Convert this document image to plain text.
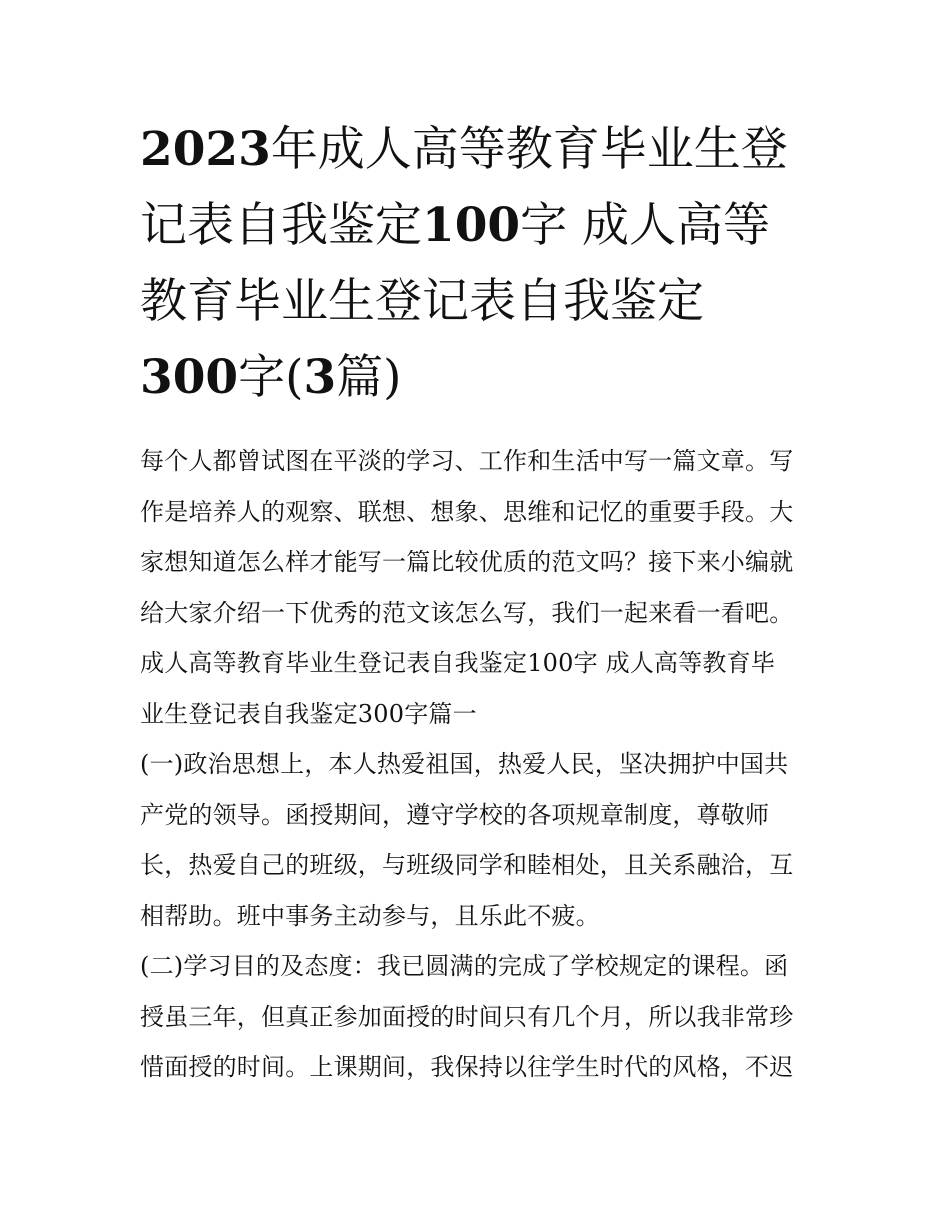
2023年成人高等教育毕业生登
记表自我鉴定100字 成人高等
教育毕业生登记表自我鉴定
300字(3篇)
每个人都曾试图在平淡的学习、工作和生活中写一篇文章。写
作是培养人的观察、联想、想象、思维和记忆的重要手段。大
家想知道怎么样才能写一篇比较优质的范文吗？接下来小编就
给大家介绍一下优秀的范文该怎么写，我们一起来看一看吧。
成人高等教育毕业生登记表自我鉴定100字 成人高等教育毕
业生登记表自我鉴定300字篇一
(一)政治思想上，本人热爱祖国，热爱人民，坚决拥护中国共
产党的领导。函授期间，遵守学校的各项规章制度，尊敬师
长，热爱自己的班级，与班级同学和睦相处，且关系融洽，互
相帮助。班中事务主动参与，且乐此不疲。
(二)学习目的及态度：我已圆满的完成了学校规定的课程。函
授虽三年，但真正参加面授的时间只有几个月，所以我非常珍
惜面授的时间。上课期间，我保持以往学生时代的风格，不迟
